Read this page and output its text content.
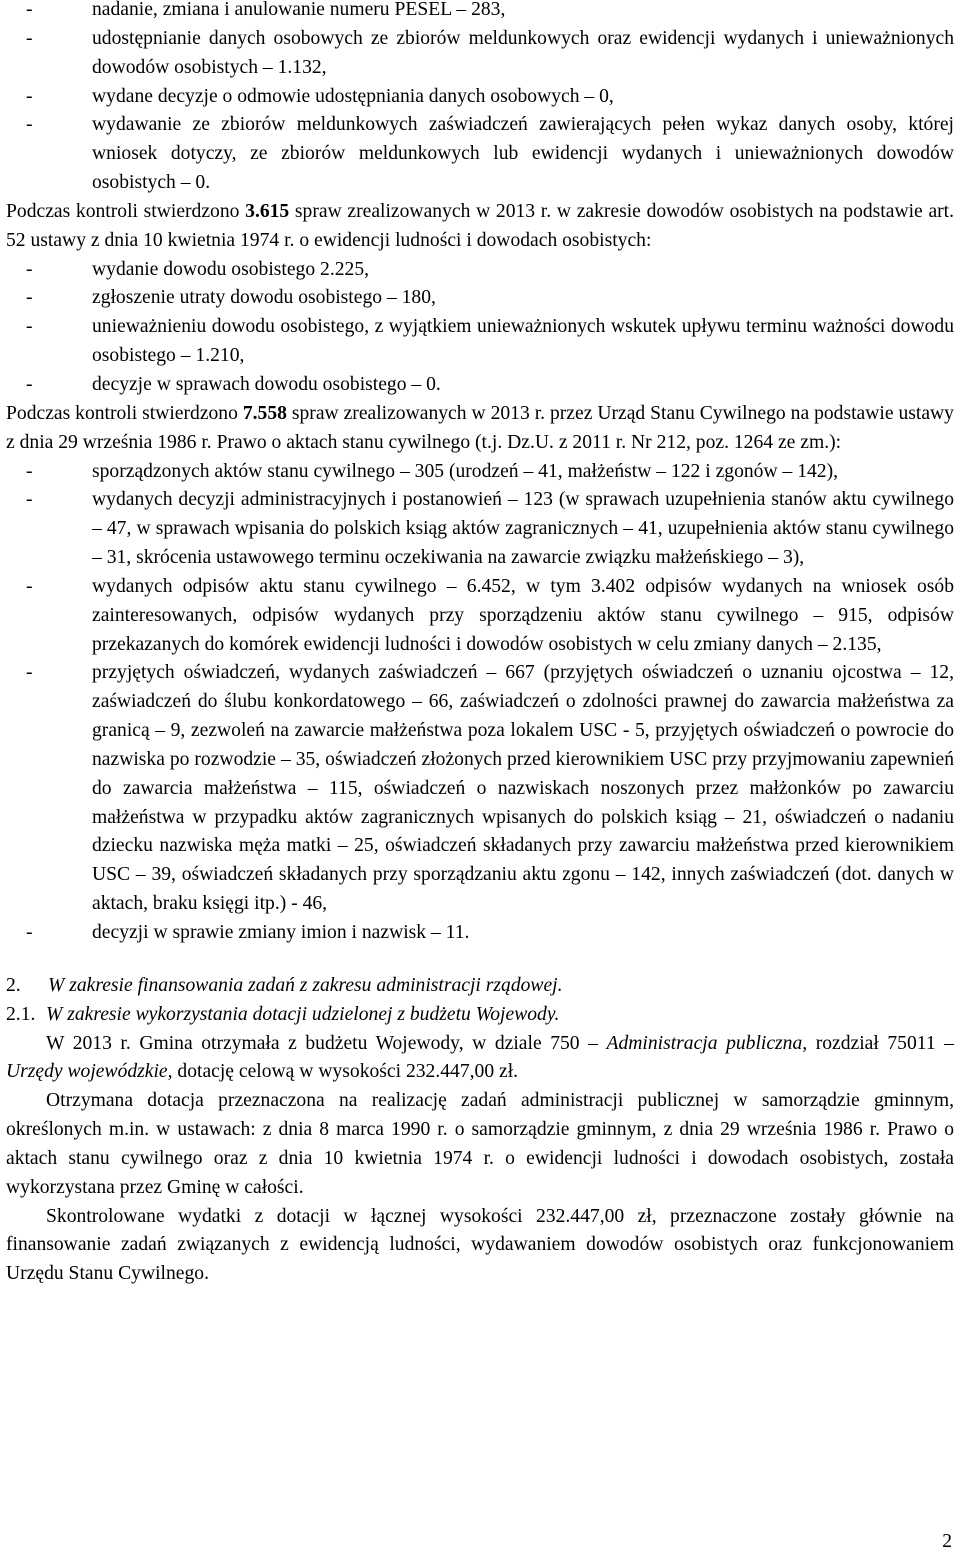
-	nadanie, zmiana i anulowanie numeru PESEL – 283,
-	udostępnianie danych osobowych ze zbiorów meldunkowych oraz ewidencji wydanych i unieważnionych dowodów osobistych – 1.132,
-	wydane decyzje o odmowie udostępniania danych osobowych – 0,
-	wydawanie ze zbiorów meldunkowych zaświadczeń zawierających pełen wykaz danych osoby, której wniosek dotyczy, ze zbiorów meldunkowych lub ewidencji wydanych i unieważnionych dowodów osobistych – 0.

Podczas kontroli stwierdzono 3.615 spraw zrealizowanych w 2013 r. w zakresie dowodów osobistych na podstawie art. 52 ustawy z dnia 10 kwietnia 1974 r. o ewidencji ludności i dowodach osobistych:

-	wydanie dowodu osobistego 2.225,
-	zgłoszenie utraty dowodu osobistego – 180,
-	unieważnieniu dowodu osobistego, z wyjątkiem unieważnionych wskutek upływu terminu ważności dowodu osobistego – 1.210,
-	decyzje w sprawach dowodu osobistego – 0.

Podczas kontroli stwierdzono 7.558 spraw zrealizowanych w 2013 r. przez Urząd Stanu Cywilnego na podstawie ustawy z dnia 29 września 1986 r. Prawo o aktach stanu cywilnego (t.j. Dz.U. z 2011 r. Nr 212, poz. 1264 ze zm.):

-	sporządzonych aktów stanu cywilnego – 305 (urodzeń – 41, małżeństw – 122 i zgonów – 142),
-	wydanych decyzji administracyjnych i postanowień – 123 (w sprawach uzupełnienia stanów aktu cywilnego – 47, w sprawach wpisania do polskich ksiąg aktów zagranicznych – 41, uzupełnienia aktów stanu cywilnego – 31, skrócenia ustawowego terminu oczekiwania na zawarcie związku małżeńskiego – 3),
-	wydanych odpisów aktu stanu cywilnego – 6.452, w tym 3.402 odpisów wydanych na wniosek osób zainteresowanych, odpisów wydanych przy sporządzeniu aktów stanu cywilnego – 915, odpisów przekazanych do komórek ewidencji ludności i dowodów osobistych w celu zmiany danych – 2.135,
-	przyjętych oświadczeń, wydanych zaświadczeń – 667 (przyjętych oświadczeń o uznaniu ojcostwa – 12, zaświadczeń do ślubu konkordatowego – 66, zaświadczeń o zdolności prawnej do zawarcia małżeństwa za granicą – 9, zezwoleń na zawarcie małżeństwa poza lokalem USC - 5, przyjętych oświadczeń o powrocie do nazwiska po rozwodzie – 35, oświadczeń złożonych przed kierownikiem USC przy przyjmowaniu zapewnień do zawarcia małżeństwa – 115, oświadczeń o nazwiskach noszonych przez małżonków po zawarciu małżeństwa w przypadku aktów zagranicznych wpisanych do polskich ksiąg – 21, oświadczeń o nadaniu dziecku nazwiska męża matki – 25, oświadczeń składanych przy zawarciu małżeństwa przed kierownikiem USC – 39, oświadczeń składanych przy sporządzaniu aktu zgonu – 142, innych zaświadczeń (dot. danych w aktach, braku księgi itp.) - 46,
-	decyzji w sprawie zmiany imion i nazwisk – 11.
2. W zakresie finansowania zadań z zakresu administracji rządowej.
2.1. W zakresie wykorzystania dotacji udzielonej z budżetu Wojewody.

W 2013 r. Gmina otrzymała z budżetu Wojewody, w dziale 750 – Administracja publiczna, rozdział 75011 – Urzędy wojewódzkie, dotację celową w wysokości 232.447,00 zł.

Otrzymana dotacja przeznaczona na realizację zadań administracji publicznej w samorządzie gminnym, określonych m.in. w ustawach: z dnia 8 marca 1990 r. o samorządzie gminnym, z dnia 29 września 1986 r. Prawo o aktach stanu cywilnego oraz z dnia 10 kwietnia 1974 r. o ewidencji ludności i dowodach osobistych, została wykorzystana przez Gminę w całości.

Skontrolowane wydatki z dotacji w łącznej wysokości 232.447,00 zł, przeznaczone zostały głównie na finansowanie zadań związanych z ewidencją ludności, wydawaniem dowodów osobistych oraz funkcjonowaniem Urzędu Stanu Cywilnego.

2
